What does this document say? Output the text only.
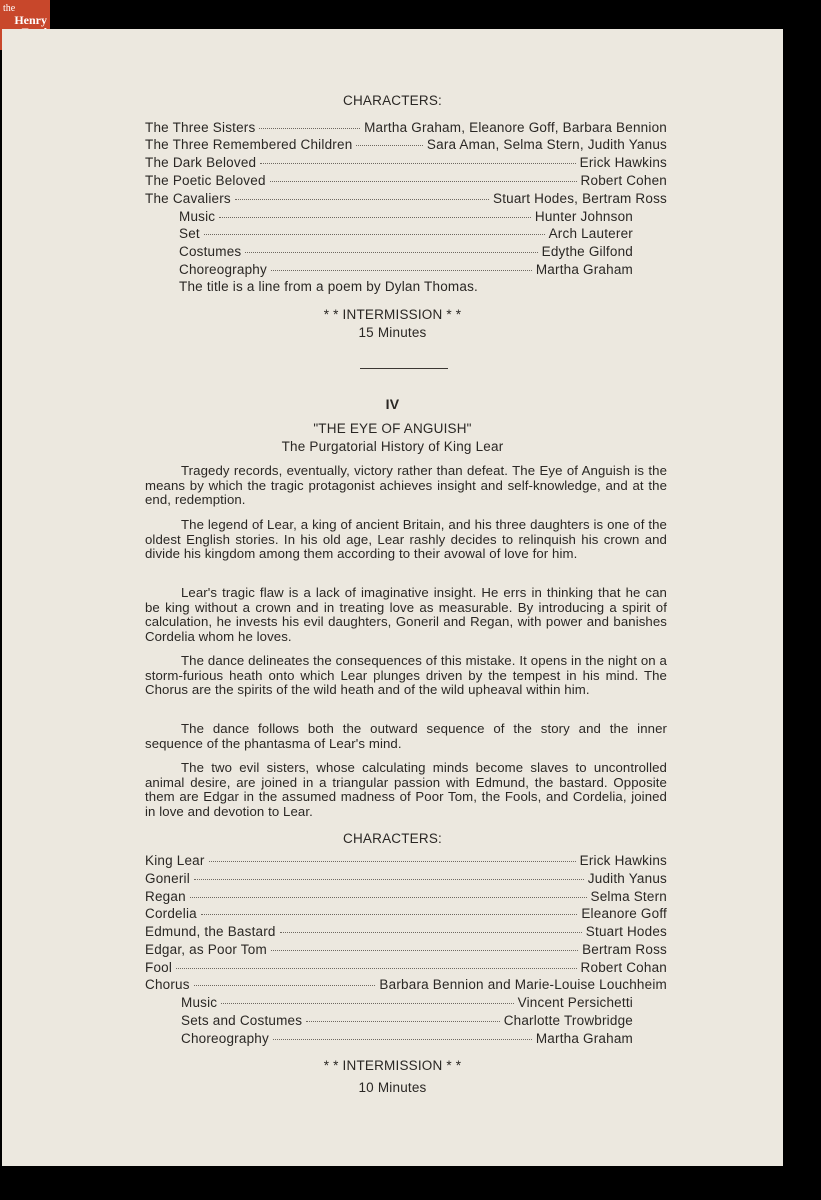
the
Henry
CHARACTERS:
The Three Sisters	Martha Graham, Eleanore Goff, Barbara Bennion
The Three Remembered Children	Sara Aman, Selma Stern, Judith Yanus
The Dark Beloved	Erick Hawkins
The Poetic Beloved	Robert Cohen
The Cavaliers	Stuart Hodes, Bertram Ross
Music	Hunter Johnson
Set	Arch Lauterer
Costumes	Edythe Gilfond
Choreography	Martha Graham
The title is a line from a poem by Dylan Thomas.
* * INTERMISSION * *
15 Minutes
IV
"THE EYE OF ANGUISH"
The Purgatorial History of King Lear
Tragedy records, eventually, victory rather than defeat. The Eye of Anguish is the means by which the tragic protagonist achieves insight and self-knowledge, and at the end, redemption.
The legend of Lear, a king of ancient Britain, and his three daughters is one of the oldest English stories. In his old age, Lear rashly decides to relinquish his crown and divide his kingdom among them according to their avowal of love for him.
Lear's tragic flaw is a lack of imaginative insight. He errs in thinking that he can be king without a crown and in treating love as measurable. By introducing a spirit of calculation, he invests his evil daughters, Goneril and Regan, with power and banishes Cordelia whom he loves.
The dance delineates the consequences of this mistake. It opens in the night on a storm-furious heath onto which Lear plunges driven by the tempest in his mind. The Chorus are the spirits of the wild heath and of the wild upheaval within him.
The dance follows both the outward sequence of the story and the inner sequence of the phantasma of Lear's mind.
The two evil sisters, whose calculating minds become slaves to uncontrolled animal desire, are joined in a triangular passion with Edmund, the bastard. Opposite them are Edgar in the assumed madness of Poor Tom, the Fools, and Cordelia, joined in love and devotion to Lear.
CHARACTERS:
King Lear	Erick Hawkins
Goneril	Judith Yanus
Regan	Selma Stern
Cordelia	Eleanore Goff
Edmund, the Bastard	Stuart Hodes
Edgar, as Poor Tom	Bertram Ross
Fool	Robert Cohan
Chorus	Barbara Bennion and Marie-Louise Louchheim
Music	Vincent Persichetti
Sets and Costumes	Charlotte Trowbridge
Choreography	Martha Graham
* * INTERMISSION * *
10 Minutes
